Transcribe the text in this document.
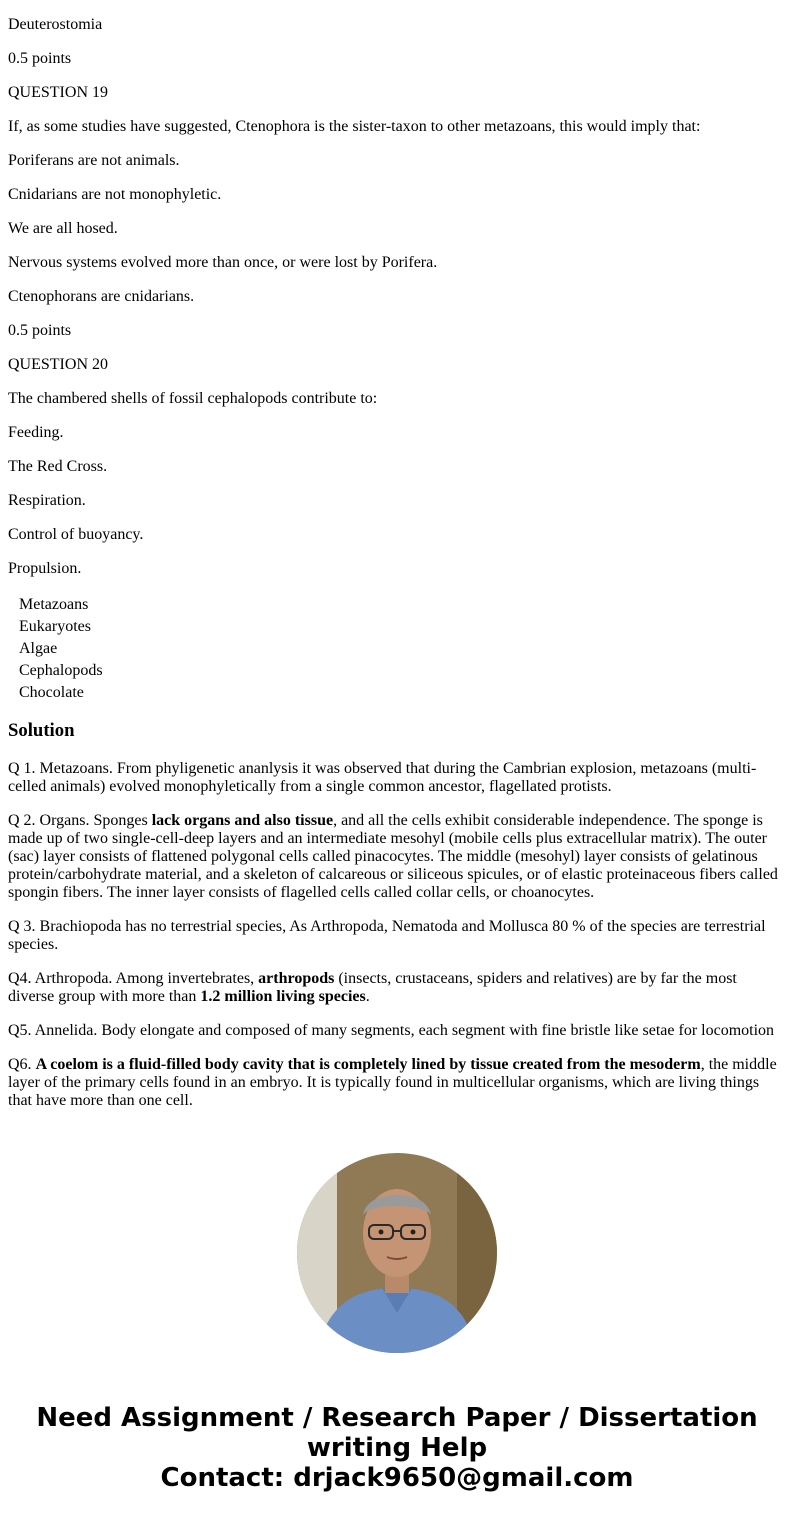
Deuterostomia

0.5 points

QUESTION 19

If, as some studies have suggested, Ctenophora is the sister-taxon to other metazoans, this would imply that:

Poriferans are not animals.

Cnidarians are not monophyletic.

We are all hosed.

Nervous systems evolved more than once, or were lost by Porifera.

Ctenophorans are cnidarians.

0.5 points

QUESTION 20

The chambered shells of fossil cephalopods contribute to:

Feeding.

The Red Cross.

Respiration.

Control of buoyancy.

Propulsion.

Metazoans
Eukaryotes
Algae
Cephalopods
Chocolate
Solution

Q 1. Metazoans. From phyligenetic ananlysis it was observed that during the Cambrian explosion, metazoans (multi-celled animals) evolved monophyletically from a single common ancestor, flagellated protists.

Q 2. Organs. Sponges lack organs and also tissue, and all the cells exhibit considerable independence. The sponge is made up of two single-cell-deep layers and an intermediate mesohyl (mobile cells plus extracellular matrix). The outer (sac) layer consists of flattened polygonal cells called pinacocytes. The middle (mesohyl) layer consists of gelatinous protein/carbohydrate material, and a skeleton of calcareous or siliceous spicules, or of elastic proteinaceous fibers called spongin fibers. The inner layer consists of flagelled cells called collar cells, or choanocytes.

Q 3. Brachiopoda has no terrestrial species, As Arthropoda, Nematoda and Mollusca 80 % of the species are terrestrial species.

Q4. Arthropoda. Among invertebrates, arthropods (insects, crustaceans, spiders and relatives) are by far the most diverse group with more than 1.2 million living species.

Q5. Annelida. Body elongate and composed of many segments, each segment with fine bristle like setae for locomotion

Q6. A coelom is a fluid-filled body cavity that is completely lined by tissue created from the mesoderm, the middle layer of the primary cells found in an embryo. It is typically found in multicellular organisms, which are living things that have more than one cell.

Need Assignment / Research Paper / Dissertation writing Help
Contact: drjack9650@gmail.com
